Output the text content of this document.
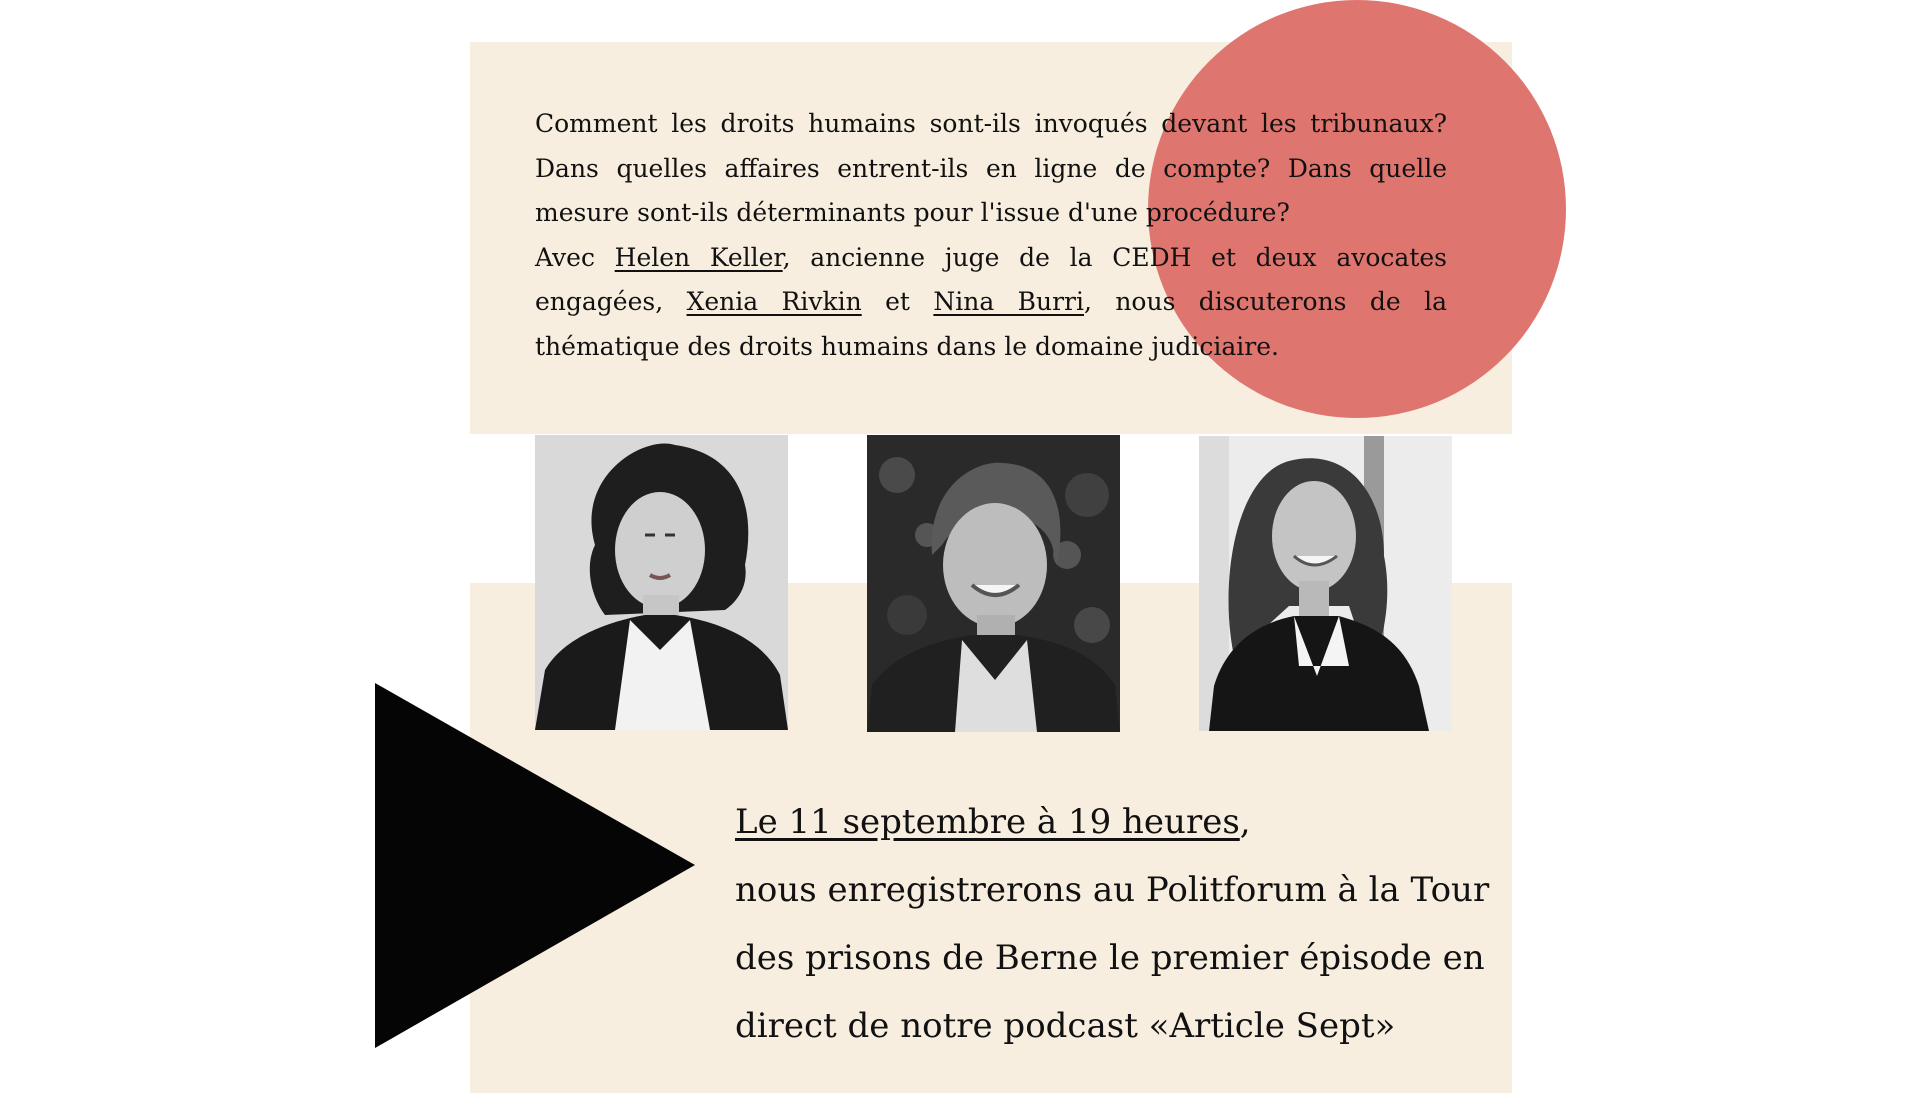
Comment les droits humains sont-ils invoqués devant les tribunaux? Dans quelles affaires entrent-ils en ligne de compte? Dans quelle mesure sont-ils déterminants pour l'issue d'une procédure?
Avec Helen Keller, ancienne juge de la CEDH et deux avocates engagées, Xenia Rivkin et Nina Burri, nous discuterons de la thématique des droits humains dans le domaine judiciaire.

Le 11 septembre à 19 heures,
nous enregistrerons au Politforum à la Tour
des prisons de Berne le premier épisode en
direct de notre podcast «Article Sept»
